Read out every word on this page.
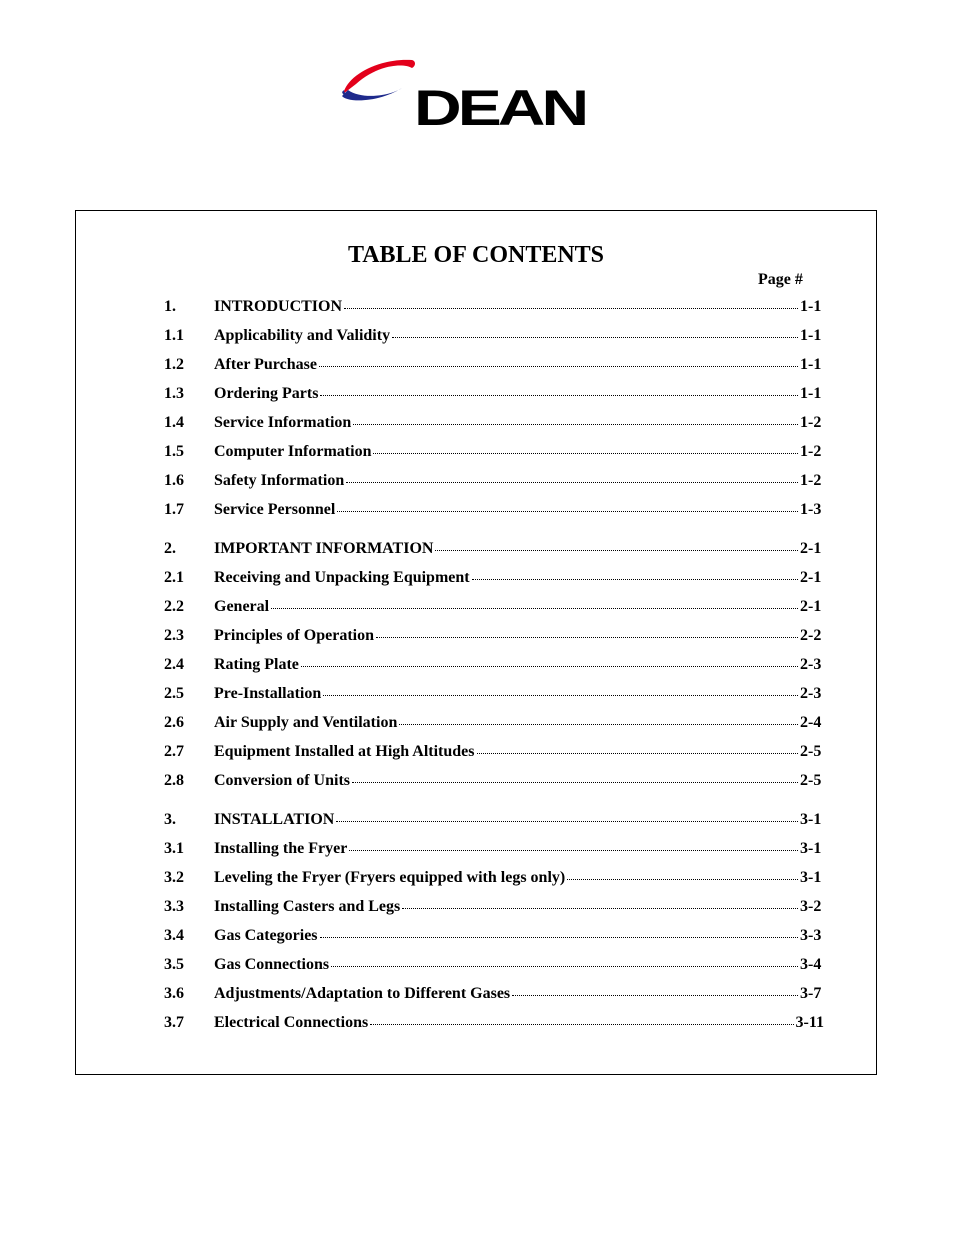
DEAN
TABLE OF CONTENTS
Page #
1.	INTRODUCTION	1-1
1.1	Applicability and Validity	1-1
1.2	After Purchase	1-1
1.3	Ordering Parts	1-1
1.4	Service Information	1-2
1.5	Computer Information	1-2
1.6	Safety Information	1-2
1.7	Service Personnel	1-3
2.	IMPORTANT INFORMATION	2-1
2.1	Receiving and Unpacking Equipment	2-1
2.2	General	2-1
2.3	Principles of Operation	2-2
2.4	Rating Plate	2-3
2.5	Pre-Installation	2-3
2.6	Air Supply and Ventilation	2-4
2.7	Equipment Installed at High Altitudes	2-5
2.8	Conversion of Units	2-5
3.	INSTALLATION	3-1
3.1	Installing the Fryer	3-1
3.2	Leveling the Fryer (Fryers equipped with legs only)	3-1
3.3	Installing Casters and Legs	3-2
3.4	Gas Categories	3-3
3.5	Gas Connections	3-4
3.6	Adjustments/Adaptation to Different Gases	3-7
3.7	Electrical Connections	3-11
